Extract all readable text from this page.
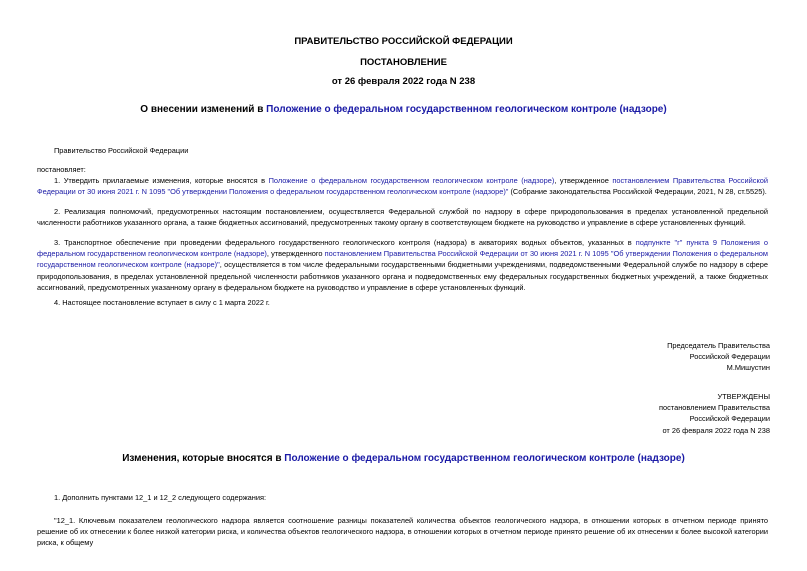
ПРАВИТЕЛЬСТВО РОССИЙСКОЙ ФЕДЕРАЦИИ
ПОСТАНОВЛЕНИЕ
от 26 февраля 2022 года N 238
О внесении изменений в Положение о федеральном государственном геологическом контроле (надзоре)
Правительство Российской Федерации
постановляет:
1. Утвердить прилагаемые изменения, которые вносятся в Положение о федеральном государственном геологическом контроле (надзоре), утвержденное постановлением Правительства Российской Федерации от 30 июня 2021 г. N 1095 "Об утверждении Положения о федеральном государственном геологическом контроле (надзоре)" (Собрание законодательства Российской Федерации, 2021, N 28, ст.5525).
2. Реализация полномочий, предусмотренных настоящим постановлением, осуществляется Федеральной службой по надзору в сфере природопользования в пределах установленной предельной численности работников указанного органа, а также бюджетных ассигнований, предусмотренных такому органу в соответствующем бюджете на руководство и управление в сфере установленных функций.
3. Транспортное обеспечение при проведении федерального государственного геологического контроля (надзора) в акваториях водных объектов, указанных в подпункте "г" пункта 9 Положения о федеральном государственном геологическом контроле (надзоре), утвержденного постановлением Правительства Российской Федерации от 30 июня 2021 г. N 1095 "Об утверждении Положения о федеральном государственном геологическом контроле (надзоре)", осуществляется в том числе федеральными государственными бюджетными учреждениями, подведомственными Федеральной службе по надзору в сфере природопользования, в пределах установленной предельной численности работников указанного органа и подведомственных ему федеральных государственных бюджетных учреждений, а также бюджетных ассигнований, предусмотренных указанному органу в федеральном бюджете на руководство и управление в сфере установленных функций.
4. Настоящее постановление вступает в силу с 1 марта 2022 г.
Председатель Правительства
Российской Федерации
М.Мишустин
УТВЕРЖДЕНЫ
постановлением Правительства
Российской Федерации
от 26 февраля 2022 года N 238
Изменения, которые вносятся в Положение о федеральном государственном геологическом контроле (надзоре)
1. Дополнить пунктами 12_1 и 12_2 следующего содержания:
"12_1. Ключевым показателем геологического надзора является соотношение разницы показателей количества объектов геологического надзора, в отношении которых в отчетном периоде принято решение об их отнесении к более низкой категории риска, и количества объектов геологического надзора, в отношении которых в отчетном периоде принято решение об их отнесении к более высокой категории риска, к общему
